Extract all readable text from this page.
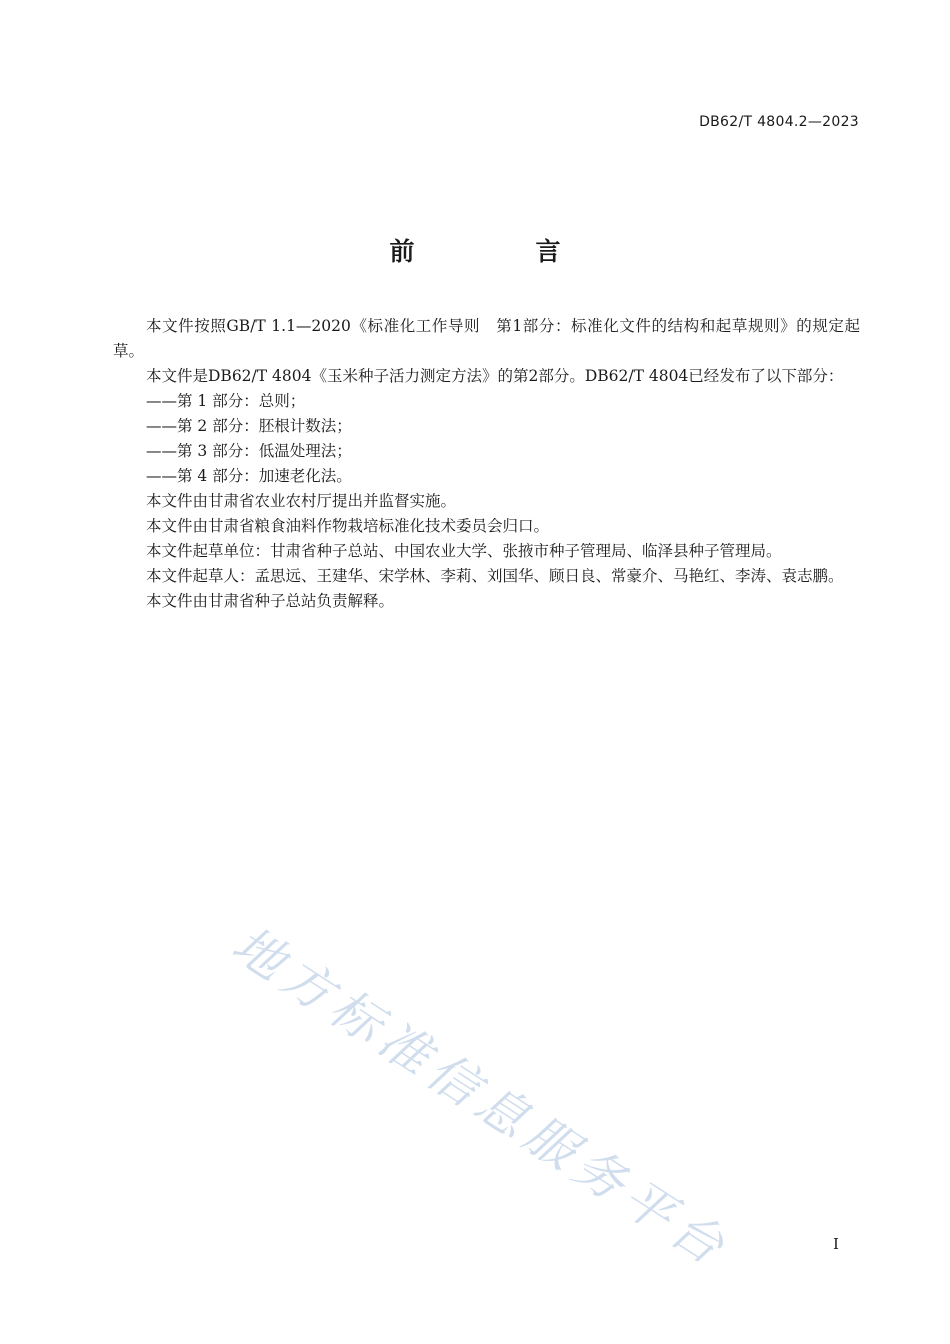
DB62/T 4804.2—2023
前　言

本文件按照GB/T 1.1—2020《标准化工作导则　第1部分：标准化文件的结构和起草规则》的规定起草。

本文件是DB62/T 4804《玉米种子活力测定方法》的第2部分。DB62/T 4804已经发布了以下部分：

——第 1 部分：总则；

——第 2 部分：胚根计数法；

——第 3 部分：低温处理法；

——第 4 部分：加速老化法。

本文件由甘肃省农业农村厅提出并监督实施。

本文件由甘肃省粮食油料作物栽培标准化技术委员会归口。

本文件起草单位：甘肃省种子总站、中国农业大学、张掖市种子管理局、临泽县种子管理局。

本文件起草人：孟思远、王建华、宋学林、李莉、刘国华、顾日良、常豪介、马艳红、李涛、袁志鹏。

本文件由甘肃省种子总站负责解释。

地方标准信息服务平台	I
